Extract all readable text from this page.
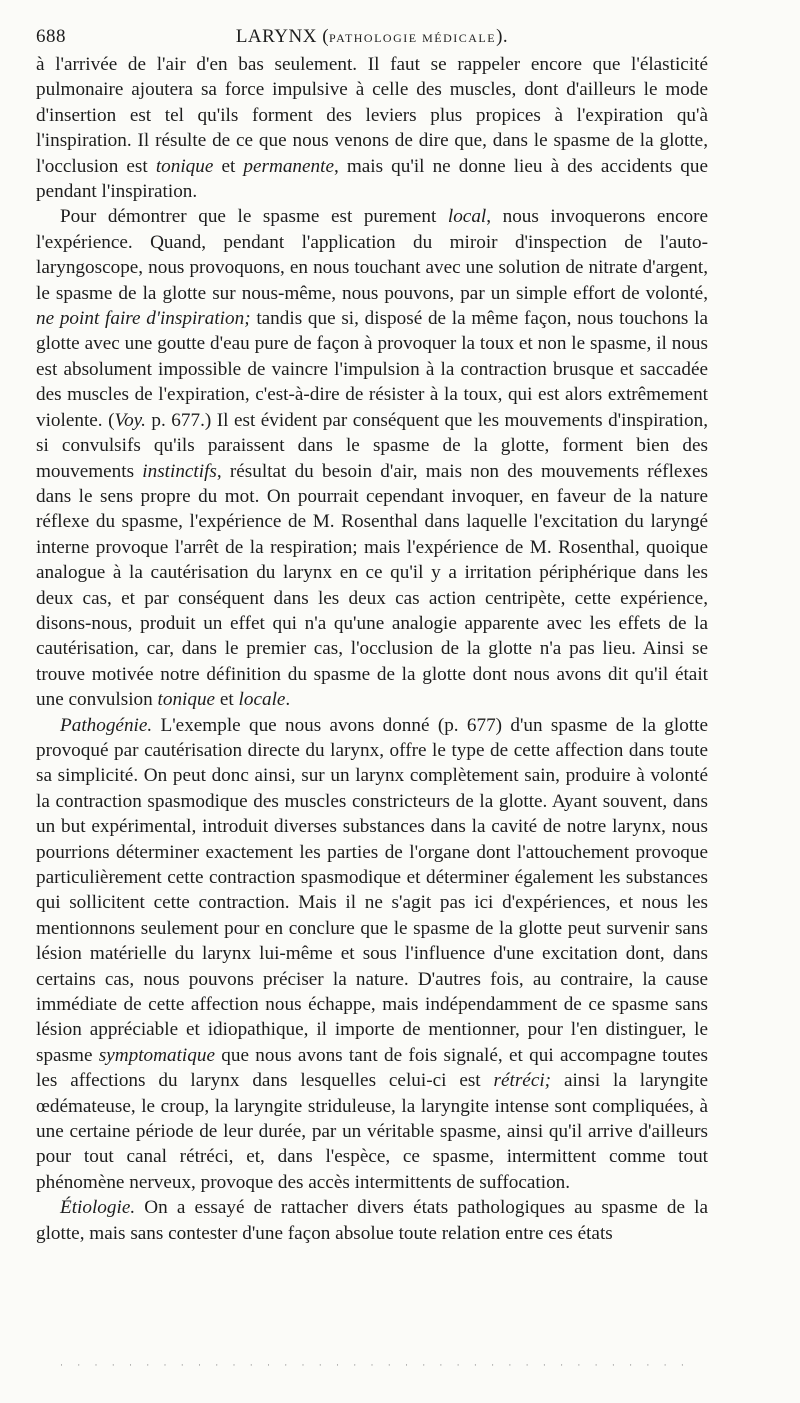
688	LARYNX (PATHOLOGIE MÉDICALE).

à l'arrivée de l'air d'en bas seulement. Il faut se rappeler encore que l'élasticité pulmonaire ajoutera sa force impulsive à celle des muscles, dont d'ailleurs le mode d'insertion est tel qu'ils forment des leviers plus propices à l'expiration qu'à l'inspiration. Il résulte de ce que nous venons de dire que, dans le spasme de la glotte, l'occlusion est tonique et permanente, mais qu'il ne donne lieu à des accidents que pendant l'inspiration.

Pour démontrer que le spasme est purement local, nous invoquerons encore l'expérience. Quand, pendant l'application du miroir d'inspection de l'auto-laryngoscope, nous provoquons, en nous touchant avec une solution de nitrate d'argent, le spasme de la glotte sur nous-même, nous pouvons, par un simple effort de volonté, ne point faire d'inspiration; tandis que si, disposé de la même façon, nous touchons la glotte avec une goutte d'eau pure de façon à provoquer la toux et non le spasme, il nous est absolument impossible de vaincre l'impulsion à la contraction brusque et saccadée des muscles de l'expiration, c'est-à-dire de résister à la toux, qui est alors extrêmement violente. (Voy. p. 677.) Il est évident par conséquent que les mouvements d'inspiration, si convulsifs qu'ils paraissent dans le spasme de la glotte, forment bien des mouvements instinctifs, résultat du besoin d'air, mais non des mouvements réflexes dans le sens propre du mot. On pourrait cependant invoquer, en faveur de la nature réflexe du spasme, l'expérience de M. Rosenthal dans laquelle l'excitation du laryngé interne provoque l'arrêt de la respiration; mais l'expérience de M. Rosenthal, quoique analogue à la cautérisation du larynx en ce qu'il y a irritation périphérique dans les deux cas, et par conséquent dans les deux cas action centripète, cette expérience, disons-nous, produit un effet qui n'a qu'une analogie apparente avec les effets de la cautérisation, car, dans le premier cas, l'occlusion de la glotte n'a pas lieu. Ainsi se trouve motivée notre définition du spasme de la glotte dont nous avons dit qu'il était une convulsion tonique et locale.

Pathogénie. L'exemple que nous avons donné (p. 677) d'un spasme de la glotte provoqué par cautérisation directe du larynx, offre le type de cette affection dans toute sa simplicité. On peut donc ainsi, sur un larynx complètement sain, produire à volonté la contraction spasmodique des muscles constricteurs de la glotte. Ayant souvent, dans un but expérimental, introduit diverses substances dans la cavité de notre larynx, nous pourrions déterminer exactement les parties de l'organe dont l'attouchement provoque particulièrement cette contraction spasmodique et déterminer également les substances qui sollicitent cette contraction. Mais il ne s'agit pas ici d'expériences, et nous les mentionnons seulement pour en conclure que le spasme de la glotte peut survenir sans lésion matérielle du larynx lui-même et sous l'influence d'une excitation dont, dans certains cas, nous pouvons préciser la nature. D'autres fois, au contraire, la cause immédiate de cette affection nous échappe, mais indépendamment de ce spasme sans lésion appréciable et idiopathique, il importe de mentionner, pour l'en distinguer, le spasme symptomatique que nous avons tant de fois signalé, et qui accompagne toutes les affections du larynx dans lesquelles celui-ci est rétréci; ainsi la laryngite œdémateuse, le croup, la laryngite striduleuse, la laryngite intense sont compliquées, à une certaine période de leur durée, par un véritable spasme, ainsi qu'il arrive d'ailleurs pour tout canal rétréci, et, dans l'espèce, ce spasme, intermittent comme tout phénomène nerveux, provoque des accès intermittents de suffocation.

Étiologie. On a essayé de rattacher divers états pathologiques au spasme de la glotte, mais sans contester d'une façon absolue toute relation entre ces états

· · · · · · · · · · · · · · · · · · · · · · · · · · · · · · · · · · · · ·
